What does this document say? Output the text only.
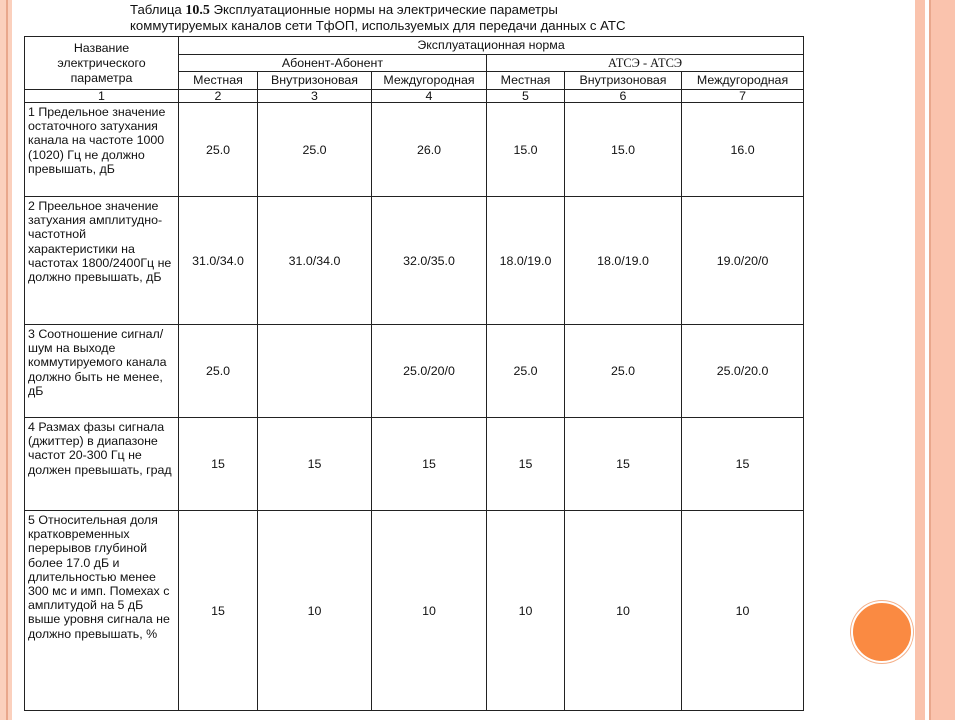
Таблица 10.5 Эксплуатационные нормы на электрические параметры
коммутируемых каналов сети ТфОП, используемых для передачи данных с АТС
Название электрического параметра	Эксплуатационная норма					
	Абонент-Абонент			АТСЭ - АТСЭ		
	Местная	Внутризоновая	Междугородная	Местная	Внутризоновая	Междугородная
1	2	3	4	5	6	7
1 Предельное значение остаточного затухания канала на частоте 1000 (1020) Гц не должно превышать, дБ	25.0	25.0	26.0	15.0	15.0	16.0
2 Преельное значение затухания амплитудно-частотной характеристики на частотах 1800/2400Гц не должно превышать, дБ	31.0/34.0	31.0/34.0	32.0/35.0	18.0/19.0	18.0/19.0	19.0/20/0
3 Соотношение сигнал/шум на выходе коммутируемого канала должно быть не менее, дБ	25.0		25.0/20/0	25.0	25.0	25.0/20.0
4 Размах фазы сигнала (джиттер) в диапазоне частот 20-300 Гц не должен превышать, град	15	15	15	15	15	15
5 Относительная доля кратковременных перерывов глубиной более 17.0 дБ и длительностью менее 300 мс и имп. Помехах с амплитудой на 5 дБ выше уровня сигнала не должно превышать, %	15	10	10	10	10	10
